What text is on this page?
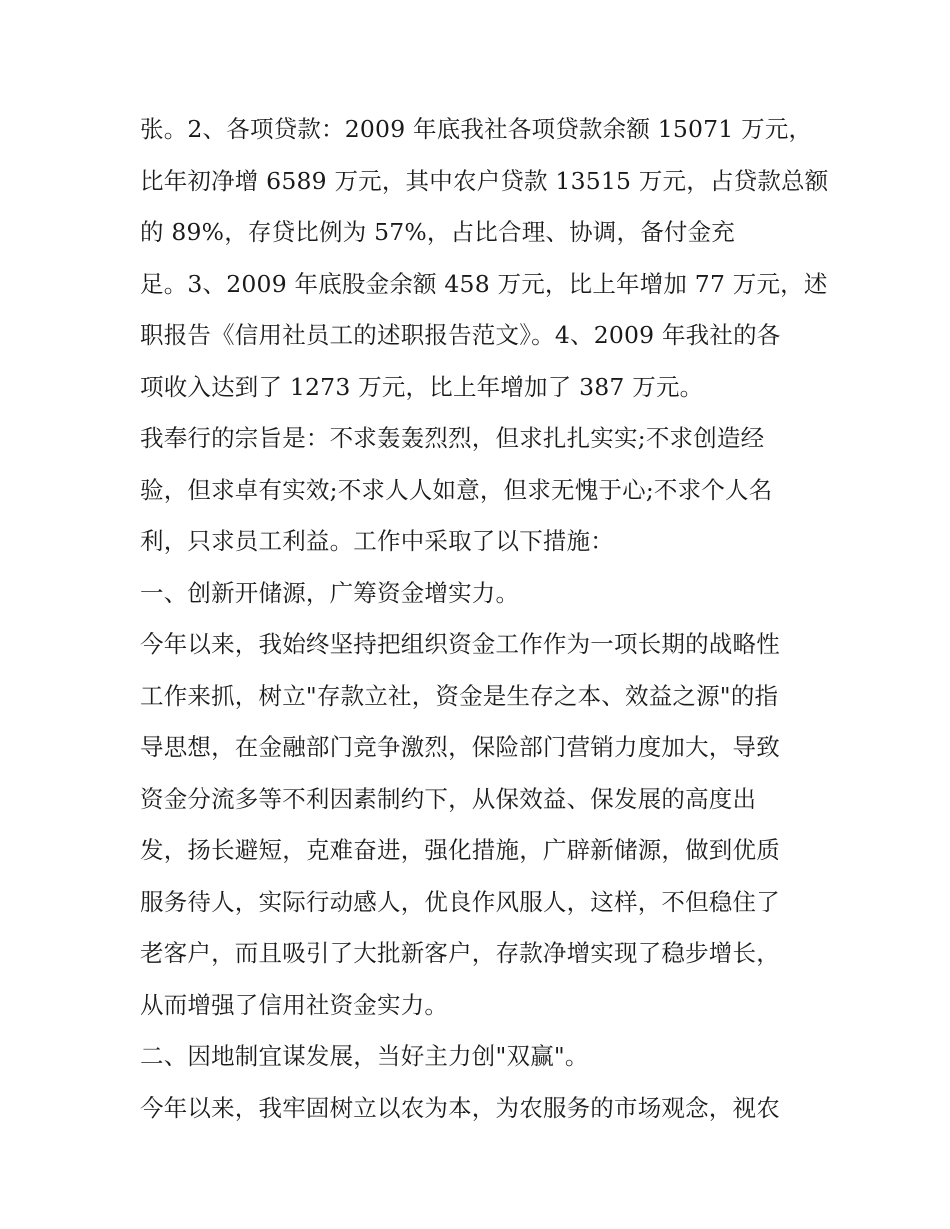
张。2、各项贷款：2009 年底我社各项贷款余额 15071 万元，
比年初净增 6589 万元，其中农户贷款 13515 万元，占贷款总额
的 89%，存贷比例为 57%，占比合理、协调，备付金充
足。3、2009 年底股金余额 458 万元，比上年增加 77 万元，述
职报告《信用社员工的述职报告范文》。4、2009 年我社的各
项收入达到了 1273 万元，比上年增加了 387 万元。
我奉行的宗旨是：不求轰轰烈烈，但求扎扎实实;不求创造经
验，但求卓有实效;不求人人如意，但求无愧于心;不求个人名
利，只求员工利益。工作中采取了以下措施：
一、创新开储源，广筹资金增实力。
今年以来，我始终坚持把组织资金工作作为一项长期的战略性
工作来抓，树立"存款立社，资金是生存之本、效益之源"的指
导思想，在金融部门竞争激烈，保险部门营销力度加大，导致
资金分流多等不利因素制约下，从保效益、保发展的高度出
发，扬长避短，克难奋进，强化措施，广辟新储源，做到优质
服务待人，实际行动感人，优良作风服人，这样，不但稳住了
老客户，而且吸引了大批新客户，存款净增实现了稳步增长，
从而增强了信用社资金实力。
二、因地制宜谋发展，当好主力创"双赢"。
今年以来，我牢固树立以农为本，为农服务的市场观念，视农
